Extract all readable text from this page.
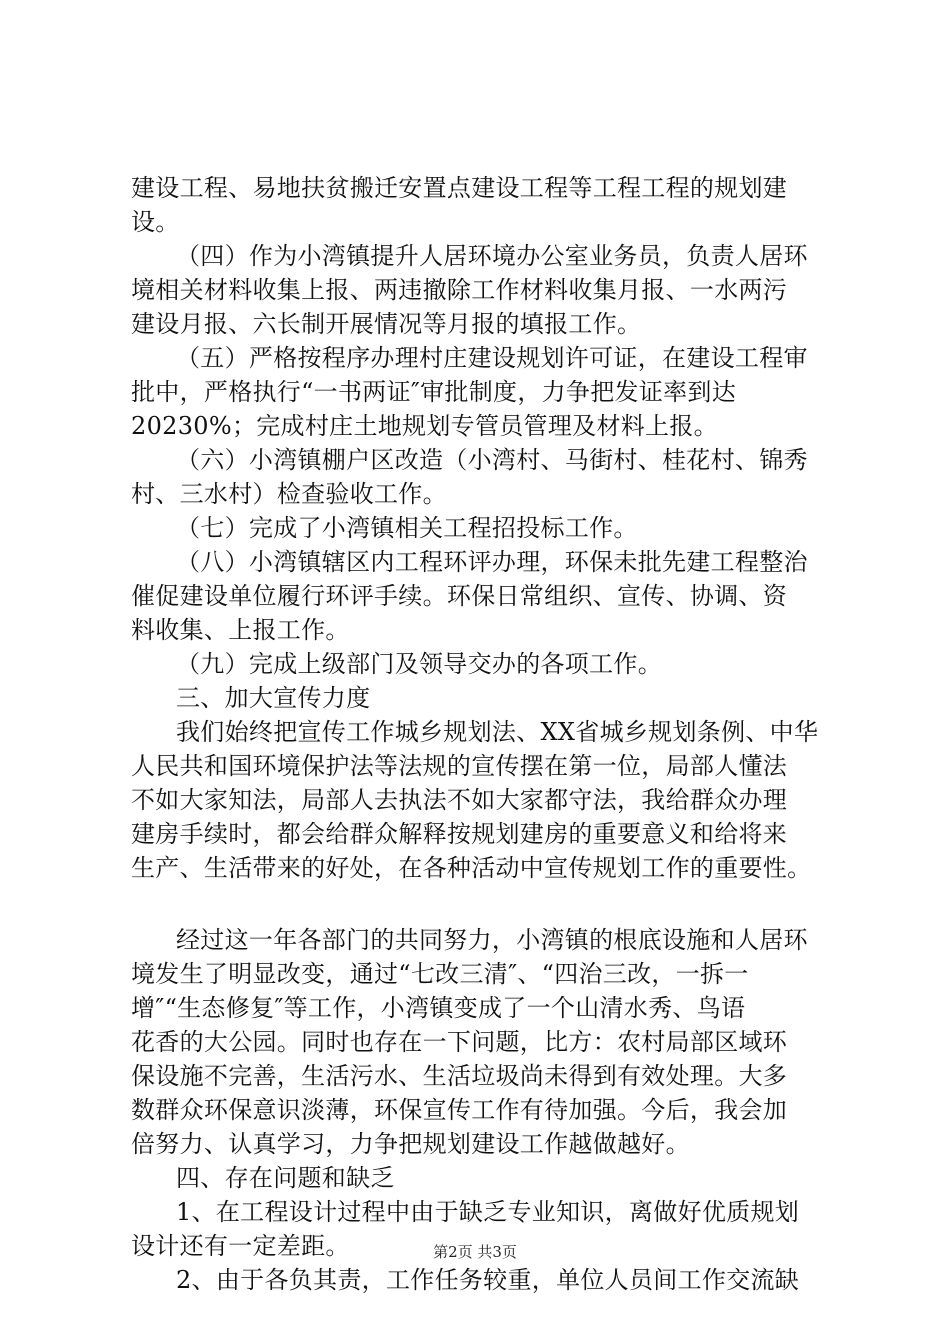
建设工程、易地扶贫搬迁安置点建设工程等工程工程的规划建
设。
（四）作为小湾镇提升人居环境办公室业务员，负责人居环
境相关材料收集上报、两违撤除工作材料收集月报、一水两污
建设月报、六长制开展情况等月报的填报工作。
（五）严格按程序办理村庄建设规划许可证，在建设工程审
批中，严格执行“一书两证″审批制度，力争把发证率到达
20230%；完成村庄土地规划专管员管理及材料上报。
（六）小湾镇棚户区改造（小湾村、马街村、桂花村、锦秀
村、三水村）检查验收工作。
（七）完成了小湾镇相关工程招投标工作。
（八）小湾镇辖区内工程环评办理，环保未批先建工程整治
催促建设单位履行环评手续。环保日常组织、宣传、协调、资
料收集、上报工作。
（九）完成上级部门及领导交办的各项工作。
三、加大宣传力度
我们始终把宣传工作城乡规划法、XX省城乡规划条例、中华
人民共和国环境保护法等法规的宣传摆在第一位，局部人懂法
不如大家知法，局部人去执法不如大家都守法，我给群众办理
建房手续时，都会给群众解释按规划建房的重要意义和给将来
生产、生活带来的好处，在各种活动中宣传规划工作的重要性。
经过这一年各部门的共同努力，小湾镇的根底设施和人居环
境发生了明显改变，通过“七改三清″、“四治三改，一拆一
增″“生态修复″等工作，小湾镇变成了一个山清水秀、鸟语
花香的大公园。同时也存在一下问题，比方：农村局部区域环
保设施不完善，生活污水、生活垃圾尚未得到有效处理。大多
数群众环保意识淡薄，环保宣传工作有待加强。今后，我会加
倍努力、认真学习，力争把规划建设工作越做越好。
四、存在问题和缺乏
1、在工程设计过程中由于缺乏专业知识，离做好优质规划
设计还有一定差距。
2、由于各负其责，工作任务较重，单位人员间工作交流缺
第2页 共3页
